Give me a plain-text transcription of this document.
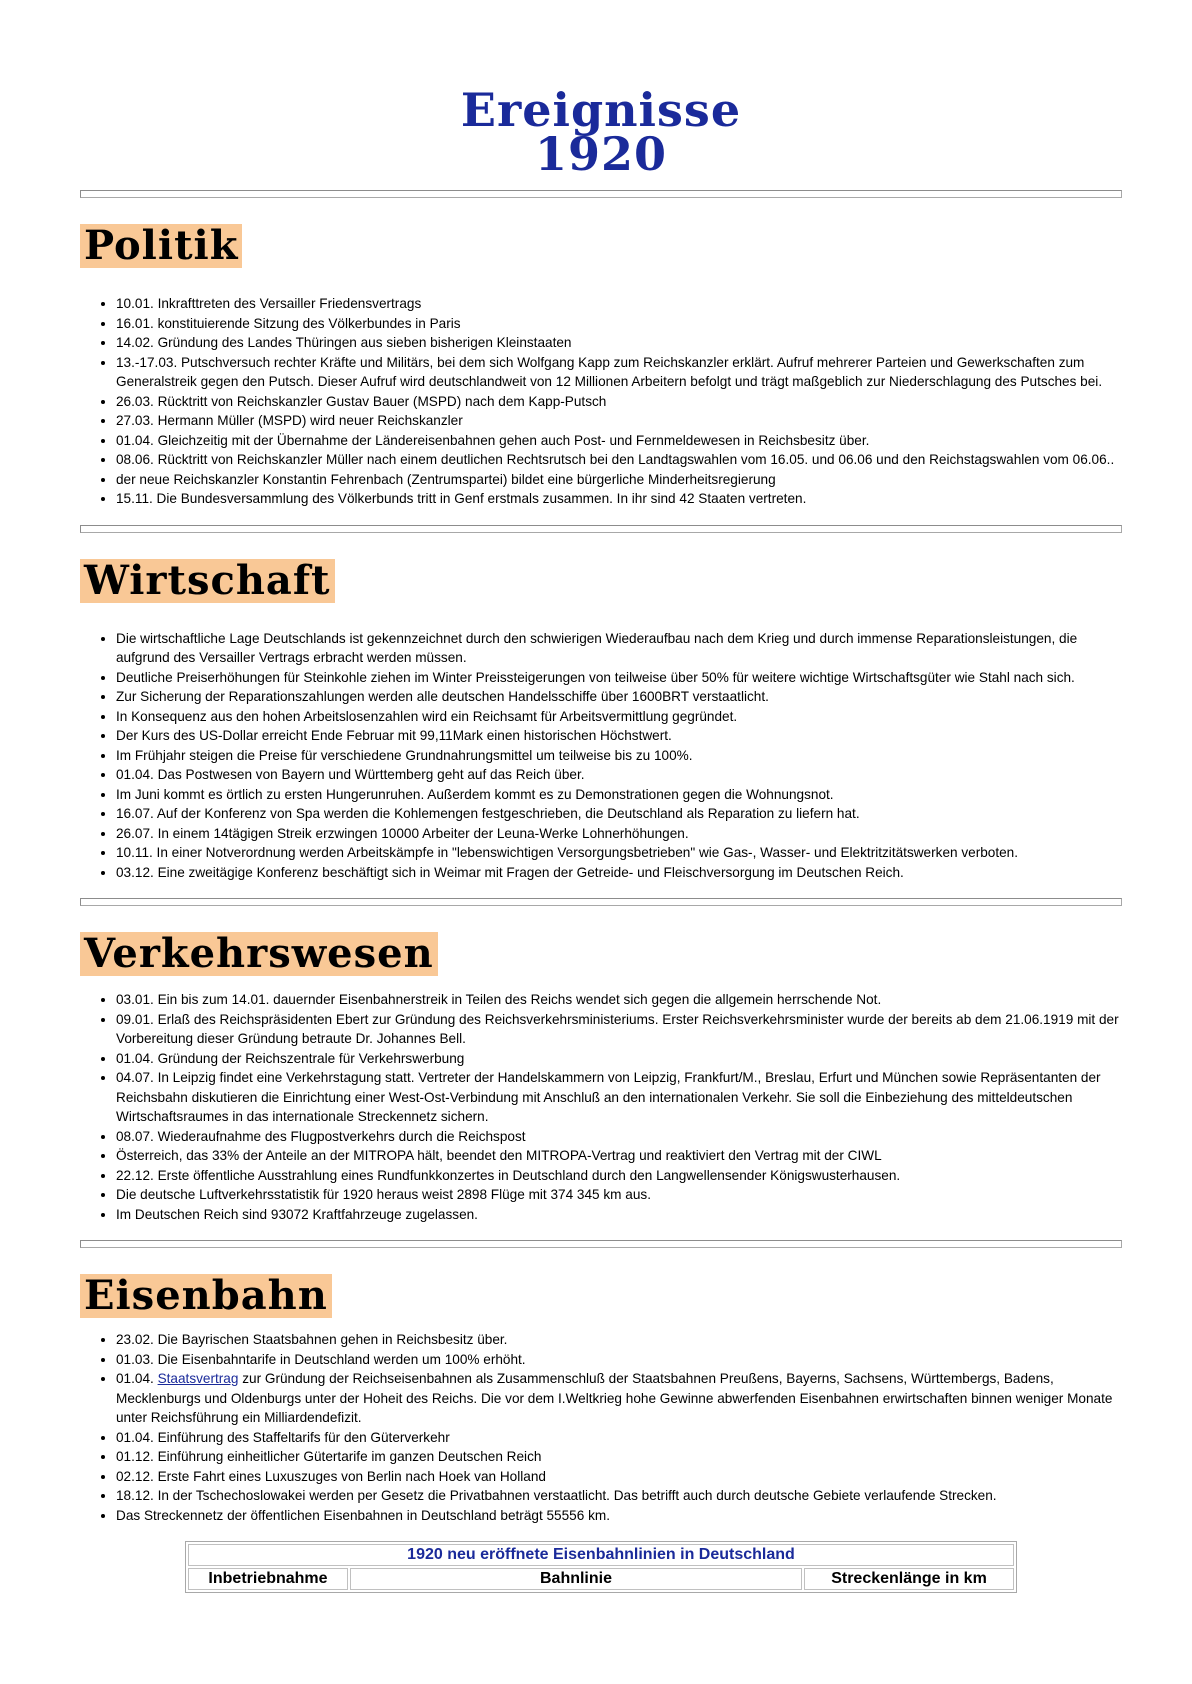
Ereignisse
1920
Politik
• 10.01. Inkrafttreten des Versailler Friedensvertrags
• 16.01. konstituierende Sitzung des Völkerbundes in Paris
• 14.02. Gründung des Landes Thüringen aus sieben bisherigen Kleinstaaten
• 13.-17.03. Putschversuch rechter Kräfte und Militärs, bei dem sich Wolfgang Kapp zum Reichskanzler erklärt. Aufruf mehrerer Parteien und Gewerkschaften zum Generalstreik gegen den Putsch. Dieser Aufruf wird deutschlandweit von 12 Millionen Arbeitern befolgt und trägt maßgeblich zur Niederschlagung des Putsches bei.
• 26.03. Rücktritt von Reichskanzler Gustav Bauer (MSPD) nach dem Kapp-Putsch
• 27.03. Hermann Müller (MSPD) wird neuer Reichskanzler
• 01.04. Gleichzeitig mit der Übernahme der Ländereisenbahnen gehen auch Post- und Fernmeldewesen in Reichsbesitz über.
• 08.06. Rücktritt von Reichskanzler Müller nach einem deutlichen Rechtsrutsch bei den Landtagswahlen vom 16.05. und 06.06 und den Reichstagswahlen vom 06.06..
• der neue Reichskanzler Konstantin Fehrenbach (Zentrumspartei) bildet eine bürgerliche Minderheitsregierung
• 15.11. Die Bundesversammlung des Völkerbunds tritt in Genf erstmals zusammen. In ihr sind 42 Staaten vertreten.
Wirtschaft
• Die wirtschaftliche Lage Deutschlands ist gekennzeichnet durch den schwierigen Wiederaufbau nach dem Krieg und durch immense Reparationsleistungen, die aufgrund des Versailler Vertrags erbracht werden müssen.
• Deutliche Preiserhöhungen für Steinkohle ziehen im Winter Preissteigerungen von teilweise über 50% für weitere wichtige Wirtschaftsgüter wie Stahl nach sich.
• Zur Sicherung der Reparationszahlungen werden alle deutschen Handelsschiffe über 1600BRT verstaatlicht.
• In Konsequenz aus den hohen Arbeitslosenzahlen wird ein Reichsamt für Arbeitsvermittlung gegründet.
• Der Kurs des US-Dollar erreicht Ende Februar mit 99,11Mark einen historischen Höchstwert.
• Im Frühjahr steigen die Preise für verschiedene Grundnahrungsmittel um teilweise bis zu 100%.
• 01.04. Das Postwesen von Bayern und Württemberg geht auf das Reich über.
• Im Juni kommt es örtlich zu ersten Hungerunruhen. Außerdem kommt es zu Demonstrationen gegen die Wohnungsnot.
• 16.07. Auf der Konferenz von Spa werden die Kohlemengen festgeschrieben, die Deutschland als Reparation zu liefern hat.
• 26.07. In einem 14tägigen Streik erzwingen 10000 Arbeiter der Leuna-Werke Lohnerhöhungen.
• 10.11. In einer Notverordnung werden Arbeitskämpfe in "lebenswichtigen Versorgungsbetrieben" wie Gas-, Wasser- und Elektritzitätswerken verboten.
• 03.12. Eine zweitägige Konferenz beschäftigt sich in Weimar mit Fragen der Getreide- und Fleischversorgung im Deutschen Reich.
Verkehrswesen
• 03.01. Ein bis zum 14.01. dauernder Eisenbahnerstreik in Teilen des Reichs wendet sich gegen die allgemein herrschende Not.
• 09.01. Erlaß des Reichspräsidenten Ebert zur Gründung des Reichsverkehrsministeriums. Erster Reichsverkehrsminister wurde der bereits ab dem 21.06.1919 mit der Vorbereitung dieser Gründung betraute Dr. Johannes Bell.
• 01.04. Gründung der Reichszentrale für Verkehrswerbung
• 04.07. In Leipzig findet eine Verkehrstagung statt. Vertreter der Handelskammern von Leipzig, Frankfurt/M., Breslau, Erfurt und München sowie Repräsentanten der Reichsbahn diskutieren die Einrichtung einer West-Ost-Verbindung mit Anschluß an den internationalen Verkehr. Sie soll die Einbeziehung des mitteldeutschen Wirtschaftsraumes in das internationale Streckennetz sichern.
• 08.07. Wiederaufnahme des Flugpostverkehrs durch die Reichspost
• Österreich, das 33% der Anteile an der MITROPA hält, beendet den MITROPA-Vertrag und reaktiviert den Vertrag mit der CIWL
• 22.12. Erste öffentliche Ausstrahlung eines Rundfunkkonzertes in Deutschland durch den Langwellensender Königswusterhausen.
• Die deutsche Luftverkehrsstatistik für 1920 heraus weist 2898 Flüge mit 374 345 km aus.
• Im Deutschen Reich sind 93072 Kraftfahrzeuge zugelassen.
Eisenbahn
• 23.02. Die Bayrischen Staatsbahnen gehen in Reichsbesitz über.
• 01.03. Die Eisenbahntarife in Deutschland werden um 100% erhöht.
• 01.04. Staatsvertrag zur Gründung der Reichseisenbahnen als Zusammenschluß der Staatsbahnen Preußens, Bayerns, Sachsens, Württembergs, Badens, Mecklenburgs und Oldenburgs unter der Hoheit des Reichs. Die vor dem I.Weltkrieg hohe Gewinne abwerfenden Eisenbahnen erwirtschaften binnen weniger Monate unter Reichsführung ein Milliardendefizit.
• 01.04. Einführung des Staffeltarifs für den Güterverkehr
• 01.12. Einführung einheitlicher Gütertarife im ganzen Deutschen Reich
• 02.12. Erste Fahrt eines Luxuszuges von Berlin nach Hoek van Holland
• 18.12. In der Tschechoslowakei werden per Gesetz die Privatbahnen verstaatlicht. Das betrifft auch durch deutsche Gebiete verlaufende Strecken.
• Das Streckennetz der öffentlichen Eisenbahnen in Deutschland beträgt 55556 km.
1920 neu eröffnete Eisenbahnlinien in Deutschland
Inbetriebnahme	Bahnlinie	Streckenlänge in km
